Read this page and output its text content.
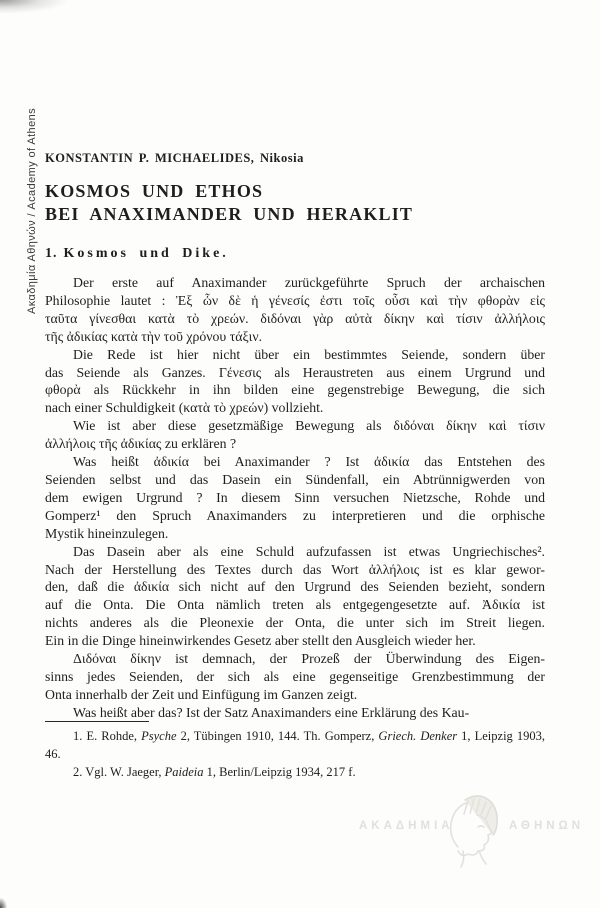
Ακαδημία Αθηνών / Academy of Athens KONSTANTIN P. MICHAELIDES, Nikosia
KOSMOS UND ETHOS
BEI ANAXIMANDER UND HERAKLIT
1. Kosmos und Dike.

Der erste auf Anaximander zurückgeführte Spruch der archaischen
Philosophie lautet : Ἐξ ὧν δὲ ἡ γένεσίς ἐστι τοῖς οὖσι καὶ τὴν φθορὰν εἰς
ταῦτα γίνεσθαι κατὰ τὸ χρεών. διδόναι γὰρ αὐτὰ δίκην καὶ τίσιν ἀλλήλοις
τῆς ἀδικίας κατὰ τὴν τοῦ χρόνου τάξιν.

Die Rede ist hier nicht über ein bestimmtes Seiende, sondern über
das Seiende als Ganzes. Γένεσις als Heraustreten aus einem Urgrund und
φθορὰ als Rückkehr in ihn bilden eine gegenstrebige Bewegung, die sich
nach einer Schuldigkeit (κατὰ τὸ χρεών) vollzieht.

Wie ist aber diese gesetzmäßige Bewegung als διδόναι δίκην καὶ τίσιν
ἀλλήλοις τῆς ἀδικίας zu erklären ?

Was heißt ἀδικία bei Anaximander ? Ist ἀδικία das Entstehen des
Seienden selbst und das Dasein ein Sündenfall, ein Abtrünnigwerden von
dem ewigen Urgrund ? In diesem Sinn versuchen Nietzsche, Rohde und
Gomperz¹ den Spruch Anaximanders zu interpretieren und die orphische
Mystik hineinzulegen.

Das Dasein aber als eine Schuld aufzufassen ist etwas Ungriechisches².
Nach der Herstellung des Textes durch das Wort ἀλλήλοις ist es klar gewor-
den, daß die ἀδικία sich nicht auf den Urgrund des Seienden bezieht, sondern
auf die Onta. Die Onta nämlich treten als entgegengesetzte auf. Ἀδικία ist
nichts anderes als die Pleonexie der Onta, die unter sich im Streit liegen.
Ein in die Dinge hineinwirkendes Gesetz aber stellt den Ausgleich wieder her.

Διδόναι δίκην ist demnach, der Prozeß der Überwindung des Eigen-
sinns jedes Seienden, der sich als eine gegenseitige Grenzbestimmung der
Onta innerhalb der Zeit und Einfügung im Ganzen zeigt.

Was heißt aber das? Ist der Satz Anaximanders eine Erklärung des Kau-

1. E. Rohde, Psyche 2, Tübingen 1910, 144. Th. Gomperz, Griech. Denker 1, Leipzig 1903, 46.

2. Vgl. W. Jaeger, Paideia 1, Berlin/Leipzig 1934, 217 f.

ΑΚΑΔΗΜΙΑ	ΑΘΗΝΩΝ
